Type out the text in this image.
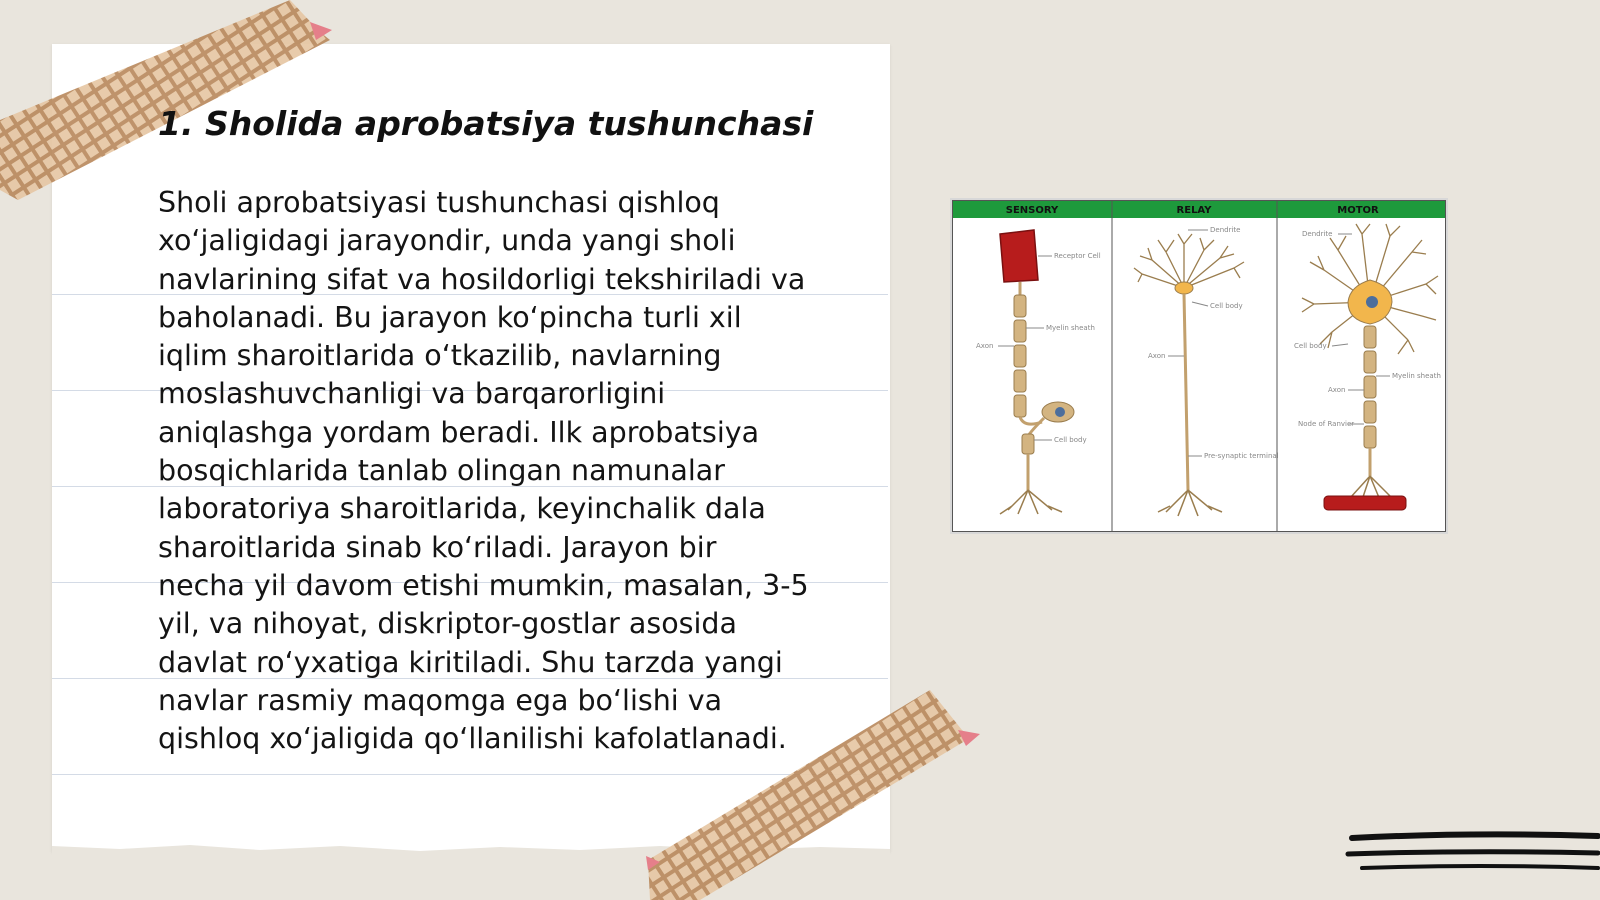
1. Sholida aprobatsiya tushunchasi
Sholi aprobatsiyasi tushunchasi qishloq
xo‘jaligidagi jarayondir, unda yangi sholi
navlarining sifat va hosildorligi tekshiriladi va
baholanadi. Bu jarayon ko‘pincha turli xil
iqlim sharoitlarida o‘tkazilib, navlarning
moslashuvchanligi va barqarorligini
aniqlashga yordam beradi. Ilk aprobatsiya
bosqichlarida tanlab olingan namunalar
laboratoriya sharoitlarida, keyinchalik dala
sharoitlarida sinab ko‘riladi. Jarayon bir
necha yil davom etishi mumkin, masalan, 3-5
yil, va nihoyat, diskriptor-gostlar asosida
davlat ro‘yxatiga kiritiladi. Shu tarzda yangi
navlar rasmiy maqomga ega bo‘lishi va
qishloq xo‘jaligida qo‘llanilishi kafolatlanadi.
SENSORY	RELAY	MOTOR
Receptor Cell
Myelin sheath
Axon
Cell body
Dendrite
Cell body
Axon
Pre-synaptic terminal
Dendrite
Cell body
Myelin sheath
Axon
Node of Ranvier
